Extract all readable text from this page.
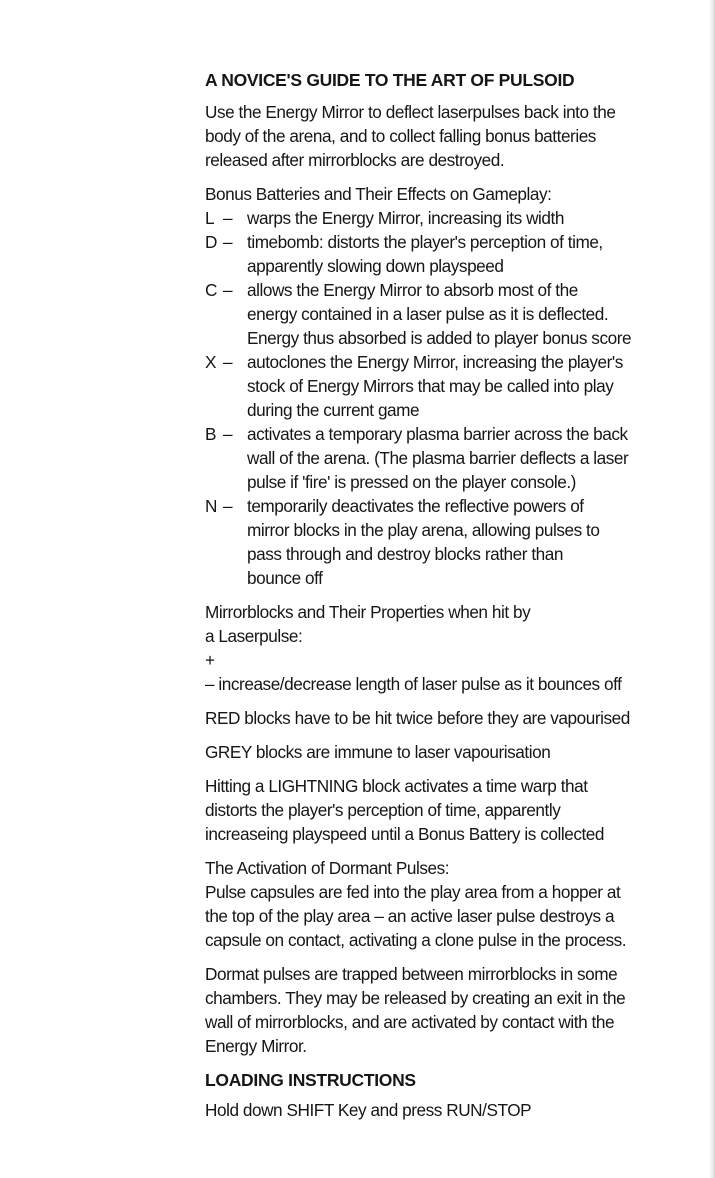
A NOVICE'S GUIDE TO THE ART OF PULSOID

Use the Energy Mirror to deflect laserpulses back into the
body of the arena, and to collect falling bonus batteries
released after mirrorblocks are destroyed.

Bonus Batteries and Their Effects on Gameplay:
L – warps the Energy Mirror, increasing its width
D – timebomb: distorts the player's perception of time,
apparently slowing down playspeed
C – allows the Energy Mirror to absorb most of the
energy contained in a laser pulse as it is deflected.
Energy thus absorbed is added to player bonus score
X – autoclones the Energy Mirror, increasing the player's
stock of Energy Mirrors that may be called into play
during the current game
B – activates a temporary plasma barrier across the back
wall of the arena. (The plasma barrier deflects a laser
pulse if 'fire' is pressed on the player console.)
N – temporarily deactivates the reflective powers of
mirror blocks in the play arena, allowing pulses to
pass through and destroy blocks rather than
bounce off

Mirrorblocks and Their Properties when hit by
a Laserpulse:
+
– increase/decrease length of laser pulse as it bounces off

RED blocks have to be hit twice before they are vapourised

GREY blocks are immune to laser vapourisation

Hitting a LIGHTNING block activates a time warp that
distorts the player's perception of time, apparently
increaseing playspeed until a Bonus Battery is collected

The Activation of Dormant Pulses:
Pulse capsules are fed into the play area from a hopper at
the top of the play area – an active laser pulse destroys a
capsule on contact, activating a clone pulse in the process.

Dormat pulses are trapped between mirrorblocks in some
chambers. They may be released by creating an exit in the
wall of mirrorblocks, and are activated by contact with the
Energy Mirror.

LOADING INSTRUCTIONS

Hold down SHIFT Key and press RUN/STOP
